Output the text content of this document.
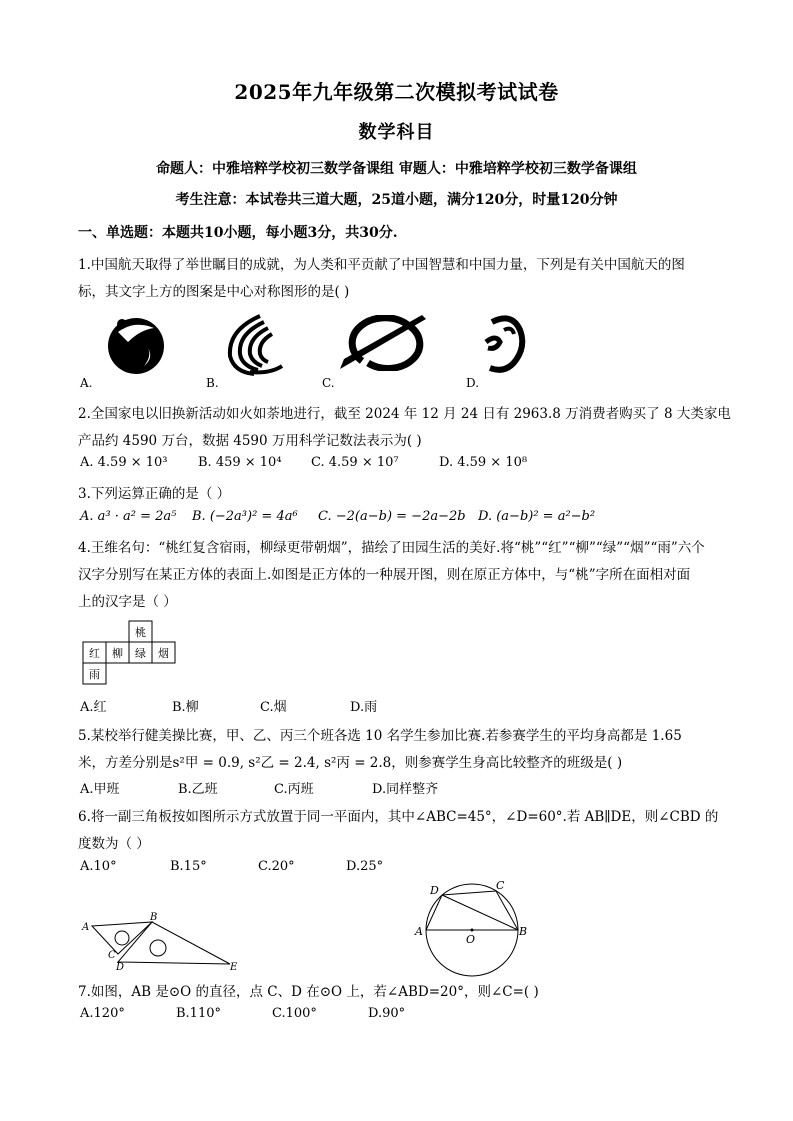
2025年九年级第二次模拟考试试卷
数学科目
命题人：中雅培粹学校初三数学备课组 审题人：中雅培粹学校初三数学备课组
考生注意：本试卷共三道大题，25道小题，满分120分，时量120分钟
一、单选题：本题共10小题，每小题3分，共30分.
1.中国航天取得了举世瞩目的成就，为人类和平贡献了中国智慧和中国力量，下列是有关中国航天的图
标，其文字上方的图案是中心对称图形的是( )
A.	B.	C.	D.
2.全国家电以旧换新活动如火如荼地进行，截至 2024 年 12 月 24 日有 2963.8 万消费者购买了 8 大类家电
产品约 4590 万台，数据 4590 万用科学记数法表示为( )
A. 4.59 × 10³ B. 459 × 10⁴ C. 4.59 × 10⁷	D. 4.59 × 10⁸
3.下列运算正确的是（ ）
A. a³ · a² = 2a⁵ B. (−2a³)² = 4a⁶ C. −2(a−b) = −2a−2b D. (a−b)² = a²−b²
4.王维名句：“桃红复含宿雨，柳绿更带朝烟”，描绘了田园生活的美好.将“桃”“红”“柳”“绿”“烟”“雨”六个
汉字分别写在某正方体的表面上.如图是正方体的一种展开图，则在原正方体中，与“桃”字所在面相对面
上的汉字是（ ）
桃
红 柳 绿 烟
雨
A.红	B.柳	C.烟	D.雨
5.某校举行健美操比赛，甲、乙、丙三个班各选 10 名学生参加比赛.若参赛学生的平均身高都是 1.65
米，方差分别是s²甲 = 0.9, s²乙 = 2.4, s²丙 = 2.8，则参赛学生身高比较整齐的班级是( )
A.甲班	B.乙班	C.丙班	D.同样整齐
6.将一副三角板按如图所示方式放置于同一平面内，其中∠ABC=45°，∠D=60°.若 AB∥DE，则∠CBD 的
度数为（ ）
A.10°	B.15°	C.20°	D.25°
A
B
C
D	E
D	C
A
O
B
7.如图，AB 是⊙O 的直径，点 C、D 在⊙O 上，若∠ABD=20°，则∠C=( )
A.120°	B.110°	C.100°	D.90°
